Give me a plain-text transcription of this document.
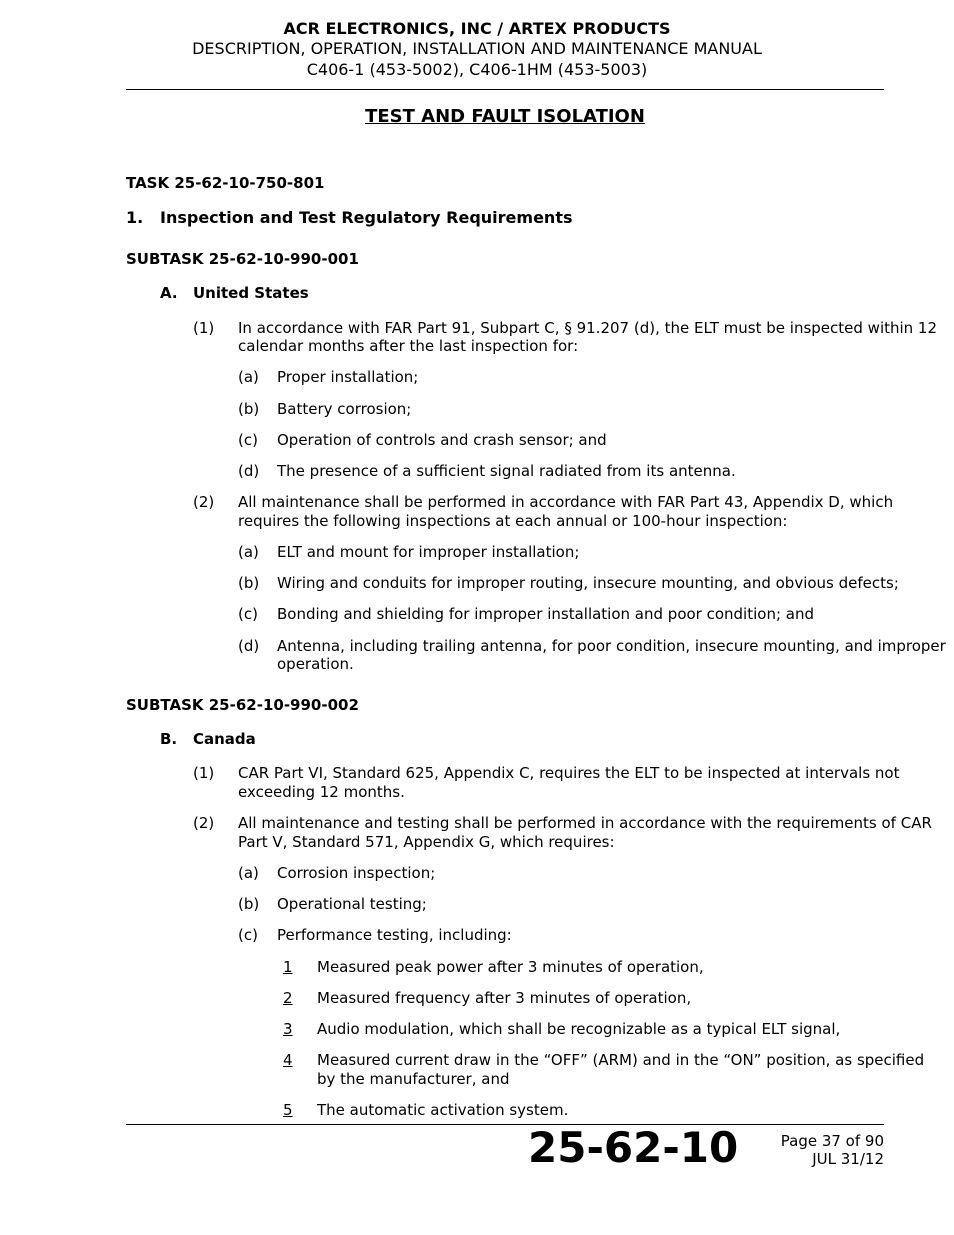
ACR ELECTRONICS, INC / ARTEX PRODUCTS
DESCRIPTION, OPERATION, INSTALLATION AND MAINTENANCE MANUAL
C406-1 (453-5002), C406-1HM (453-5003)
TEST AND FAULT ISOLATION
TASK 25-62-10-750-801
1. Inspection and Test Regulatory Requirements
SUBTASK 25-62-10-990-001
A. United States
(1) In accordance with FAR Part 91, Subpart C, § 91.207 (d), the ELT must be inspected within 12
calendar months after the last inspection for:
(a) Proper installation;
(b) Battery corrosion;
(c) Operation of controls and crash sensor; and
(d) The presence of a sufficient signal radiated from its antenna.
(2) All maintenance shall be performed in accordance with FAR Part 43, Appendix D, which
requires the following inspections at each annual or 100-hour inspection:
(a) ELT and mount for improper installation;
(b) Wiring and conduits for improper routing, insecure mounting, and obvious defects;
(c) Bonding and shielding for improper installation and poor condition; and
(d) Antenna, including trailing antenna, for poor condition, insecure mounting, and improper
operation.
SUBTASK 25-62-10-990-002
B. Canada
(1) CAR Part VI, Standard 625, Appendix C, requires the ELT to be inspected at intervals not
exceeding 12 months.
(2) All maintenance and testing shall be performed in accordance with the requirements of CAR
Part V, Standard 571, Appendix G, which requires:
(a) Corrosion inspection;
(b) Operational testing;
(c) Performance testing, including:
1 Measured peak power after 3 minutes of operation,
2 Measured frequency after 3 minutes of operation,
3 Audio modulation, which shall be recognizable as a typical ELT signal,
4 Measured current draw in the “OFF” (ARM) and in the “ON” position, as specified
by the manufacturer, and
5 The automatic activation system.
25-62-10	Page 37 of 90
JUL 31/12
